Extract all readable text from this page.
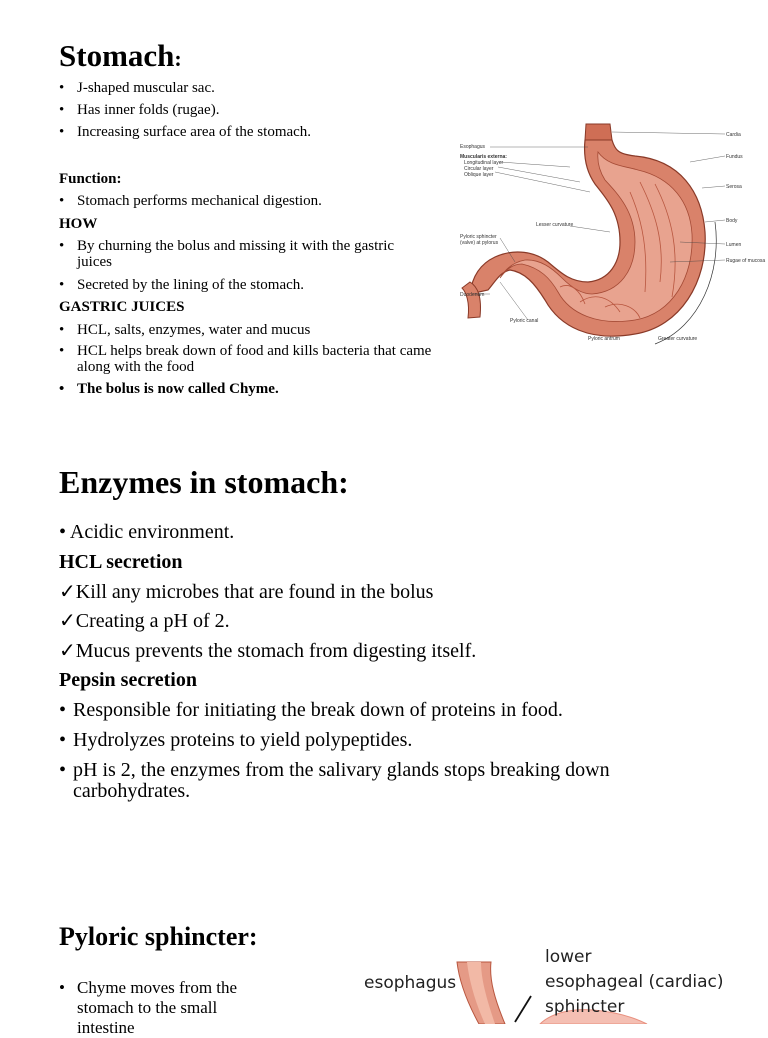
Stomach:
• J-shaped muscular sac.
• Has inner folds (rugae).
• Increasing surface area of the stomach.
Function:
• Stomach performs mechanical digestion.
HOW
• By churning the bolus and missing it with the gastric juices
• Secreted by the lining of the stomach.
GASTRIC JUICES
• HCL, salts, enzymes, water and mucus
• HCL helps break down of food and kills bacteria that came along with the food
• The bolus is now called Chyme.
Esophagus
Muscularis externa:
Longitudinal layer
Circular layer
Oblique layer
Lesser curvature
Pyloric sphincter
(valve) at pylorus
Duodenum
Pyloric canal
Pyloric antrum	Greater curvature
Cardia
Fundus
Serosa
Body
Lumen
Rugae of mucosa
Enzymes in stomach:
• Acidic environment.
HCL secretion
✓Kill any microbes that are found in the bolus
✓Creating a pH of 2.
✓Mucus prevents the stomach from digesting itself.
Pepsin secretion
• Responsible for initiating the break down of proteins in food.
• Hydrolyzes proteins to yield polypeptides.
• pH is 2, the enzymes from the salivary glands stops breaking down carbohydrates.
Pyloric sphincter:
• Chyme moves from the stomach to the small intestine
esophagus
lower
esophageal (cardiac)
sphincter
